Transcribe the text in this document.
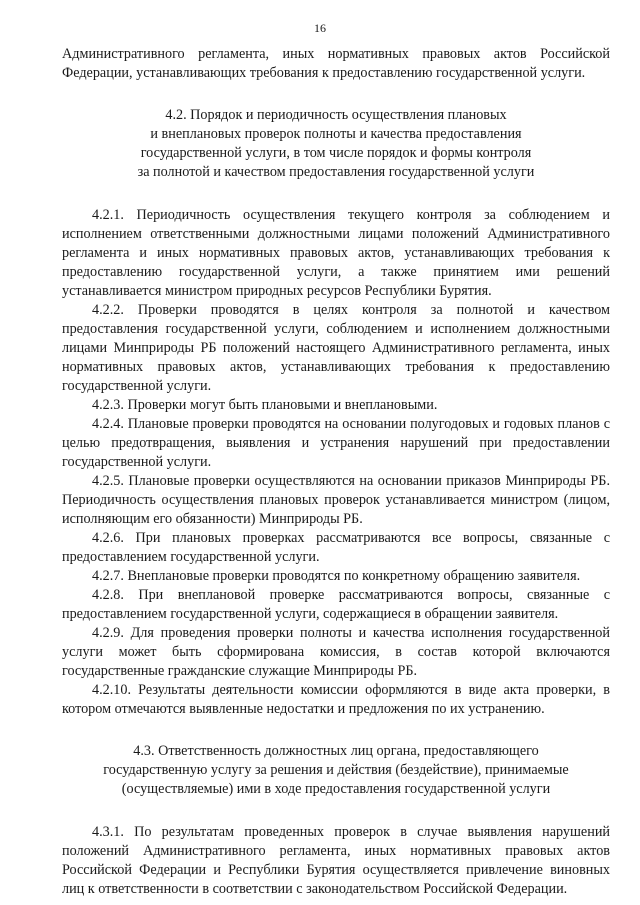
16

Административного регламента, иных нормативных правовых актов Российской Федерации, устанавливающих требования к предоставлению государственной услуги.

4.2. Порядок и периодичность осуществления плановых
и внеплановых проверок полноты и качества предоставления
государственной услуги, в том числе порядок и формы контроля
за полнотой и качеством предоставления государственной услуги

4.2.1. Периодичность осуществления текущего контроля за соблюдением и исполнением ответственными должностными лицами положений Административного регламента и иных нормативных правовых актов, устанавливающих требования к предоставлению государственной услуги, а также принятием ими решений устанавливается министром природных ресурсов Республики Бурятия.

4.2.2. Проверки проводятся в целях контроля за полнотой и качеством предоставления государственной услуги, соблюдением и исполнением должностными лицами Минприроды РБ положений настоящего Административного регламента, иных нормативных правовых актов, устанавливающих требования к предоставлению государственной услуги.

4.2.3. Проверки могут быть плановыми и внеплановыми.

4.2.4. Плановые проверки проводятся на основании полугодовых и годовых планов с целью предотвращения, выявления и устранения нарушений при предоставлении государственной услуги.

4.2.5. Плановые проверки осуществляются на основании приказов Минприроды РБ. Периодичность осуществления плановых проверок устанавливается министром (лицом, исполняющим его обязанности) Минприроды РБ.

4.2.6. При плановых проверках рассматриваются все вопросы, связанные с предоставлением государственной услуги.

4.2.7. Внеплановые проверки проводятся по конкретному обращению заявителя.

4.2.8. При внеплановой проверке рассматриваются вопросы, связанные с предоставлением государственной услуги, содержащиеся в обращении заявителя.

4.2.9. Для проведения проверки полноты и качества исполнения государственной услуги может быть сформирована комиссия, в состав которой включаются государственные гражданские служащие Минприроды РБ.

4.2.10. Результаты деятельности комиссии оформляются в виде акта проверки, в котором отмечаются выявленные недостатки и предложения по их устранению.

4.3. Ответственность должностных лиц органа, предоставляющего
государственную услугу за решения и действия (бездействие), принимаемые
(осуществляемые) ими в ходе предоставления государственной услуги

4.3.1. По результатам проведенных проверок в случае выявления нарушений положений Административного регламента, иных нормативных правовых актов Российской Федерации и Республики Бурятия осуществляется привлечение виновных лиц к ответственности в соответствии с законодательством Российской Федерации.
